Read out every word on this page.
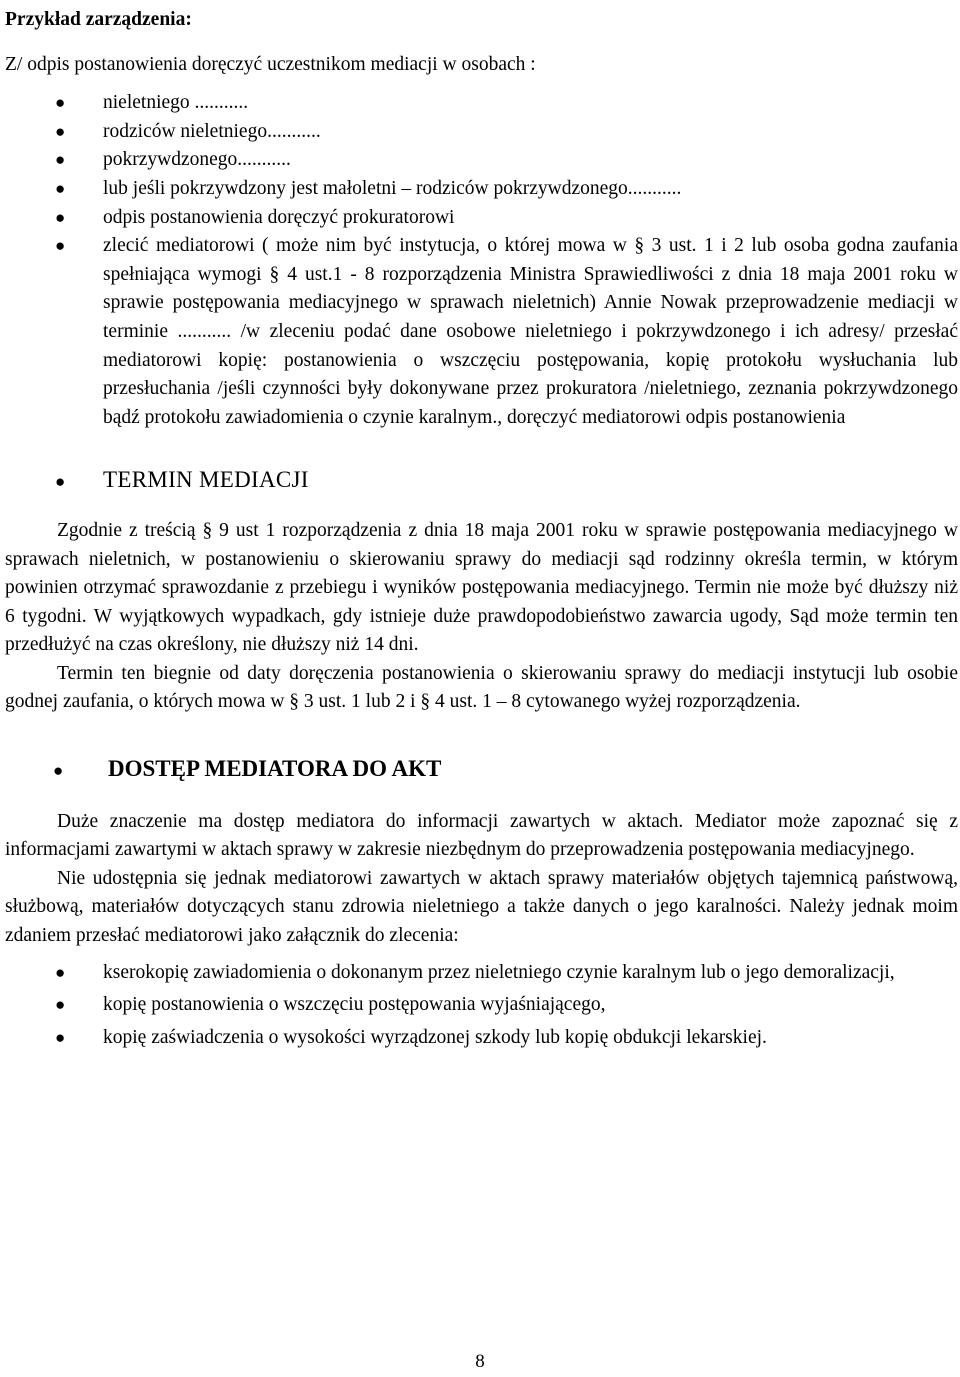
Przykład zarządzenia:

Z/ odpis postanowienia doręczyć uczestnikom mediacji w osobach :

● nieletniego ...........
● rodziców nieletniego...........
● pokrzywdzonego...........
● lub jeśli pokrzywdzony jest małoletni – rodziców pokrzywdzonego...........
● odpis postanowienia doręczyć prokuratorowi
● zlecić mediatorowi ( może nim być instytucja, o której mowa w § 3 ust. 1 i 2 lub osoba godna zaufania spełniająca wymogi § 4 ust.1 - 8 rozporządzenia Ministra Sprawiedliwości z dnia 18 maja 2001 roku w sprawie postępowania mediacyjnego w sprawach nieletnich) Annie Nowak przeprowadzenie mediacji w terminie ........... /w zleceniu podać dane osobowe nieletniego i pokrzywdzonego i ich adresy/ przesłać mediatorowi kopię: postanowienia o wszczęciu postępowania, kopię protokołu wysłuchania lub przesłuchania /jeśli czynności były dokonywane przez prokuratora /nieletniego, zeznania pokrzywdzonego bądź protokołu zawiadomienia o czynie karalnym., doręczyć mediatorowi odpis postanowienia
● TERMIN MEDIACJI

Zgodnie z treścią § 9 ust 1 rozporządzenia z dnia 18 maja 2001 roku w sprawie postępowania mediacyjnego w sprawach nieletnich, w postanowieniu o skierowaniu sprawy do mediacji sąd rodzinny określa termin, w którym powinien otrzymać sprawozdanie z przebiegu i wyników postępowania mediacyjnego. Termin nie może być dłuższy niż 6 tygodni. W wyjątkowych wypadkach, gdy istnieje duże prawdopodobieństwo zawarcia ugody, Sąd może termin ten przedłużyć na czas określony, nie dłuższy niż 14 dni.

Termin ten biegnie od daty doręczenia postanowienia o skierowaniu sprawy do mediacji instytucji lub osobie godnej zaufania, o których mowa w § 3 ust. 1 lub 2 i § 4 ust. 1 – 8 cytowanego wyżej rozporządzenia.

● DOSTĘP MEDIATORA DO AKT

Duże znaczenie ma dostęp mediatora do informacji zawartych w aktach. Mediator może zapoznać się z informacjami zawartymi w aktach sprawy w zakresie niezbędnym do przeprowadzenia postępowania mediacyjnego.

Nie udostępnia się jednak mediatorowi zawartych w aktach sprawy materiałów objętych tajemnicą państwową, służbową, materiałów dotyczących stanu zdrowia nieletniego a także danych o jego karalności. Należy jednak moim zdaniem przesłać mediatorowi jako załącznik do zlecenia:

● kserokopię zawiadomienia o dokonanym przez nieletniego czynie karalnym lub o jego demoralizacji,
● kopię postanowienia o wszczęciu postępowania wyjaśniającego,
● kopię zaświadczenia o wysokości wyrządzonej szkody lub kopię obdukcji lekarskiej.
8
